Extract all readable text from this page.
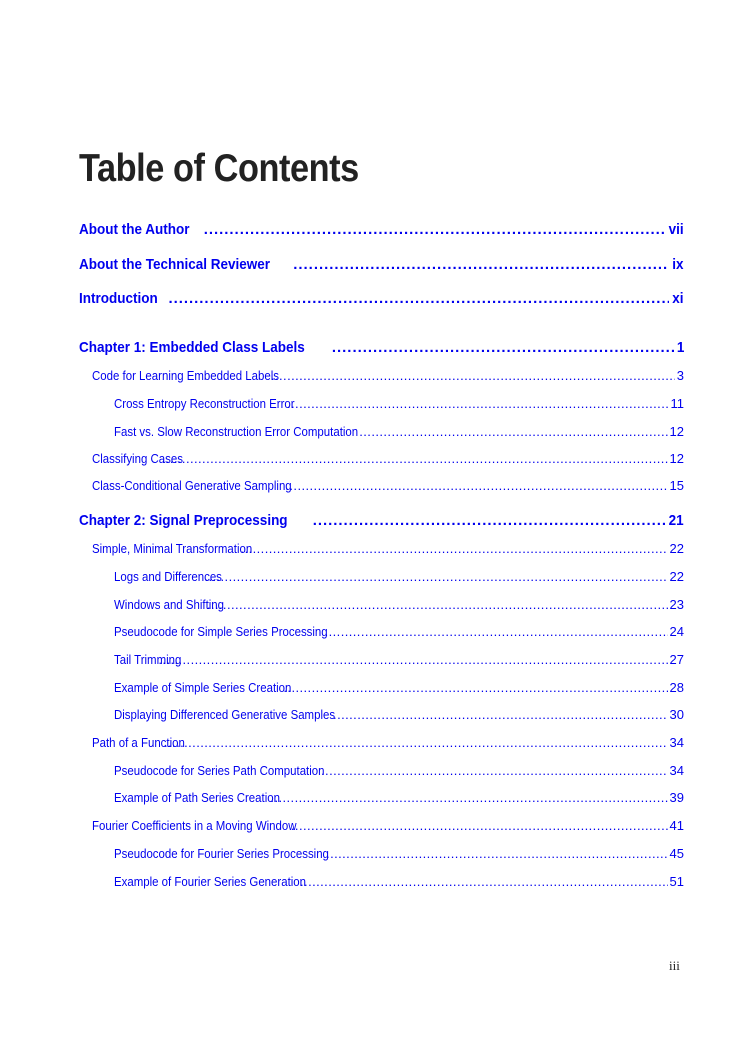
Table of Contents
About the Author . . .	vii
About the Technical Reviewer . . .	ix
Introduction . . .	xi
Chapter 1: Embedded Class Labels . . .	1
Code for Learning Embedded Labels . . .	3
Cross Entropy Reconstruction Error . . .	11
Fast vs. Slow Reconstruction Error Computation . . .	12
Classifying Cases . . .	12
Class-Conditional Generative Sampling . . .	15
Chapter 2: Signal Preprocessing . . .	21
Simple, Minimal Transformation . . .	22
Logs and Differences . . .	22
Windows and Shifting . . .	23
Pseudocode for Simple Series Processing . . .	24
Tail Trimming . . .	27
Example of Simple Series Creation . . .	28
Displaying Differenced Generative Samples . . .	30
Path of a Function . . .	34
Pseudocode for Series Path Computation . . .	34
Example of Path Series Creation . . .	39
Fourier Coefficients in a Moving Window . . .	41
Pseudocode for Fourier Series Processing . . .	45
Example of Fourier Series Generation . . .	51
iii
